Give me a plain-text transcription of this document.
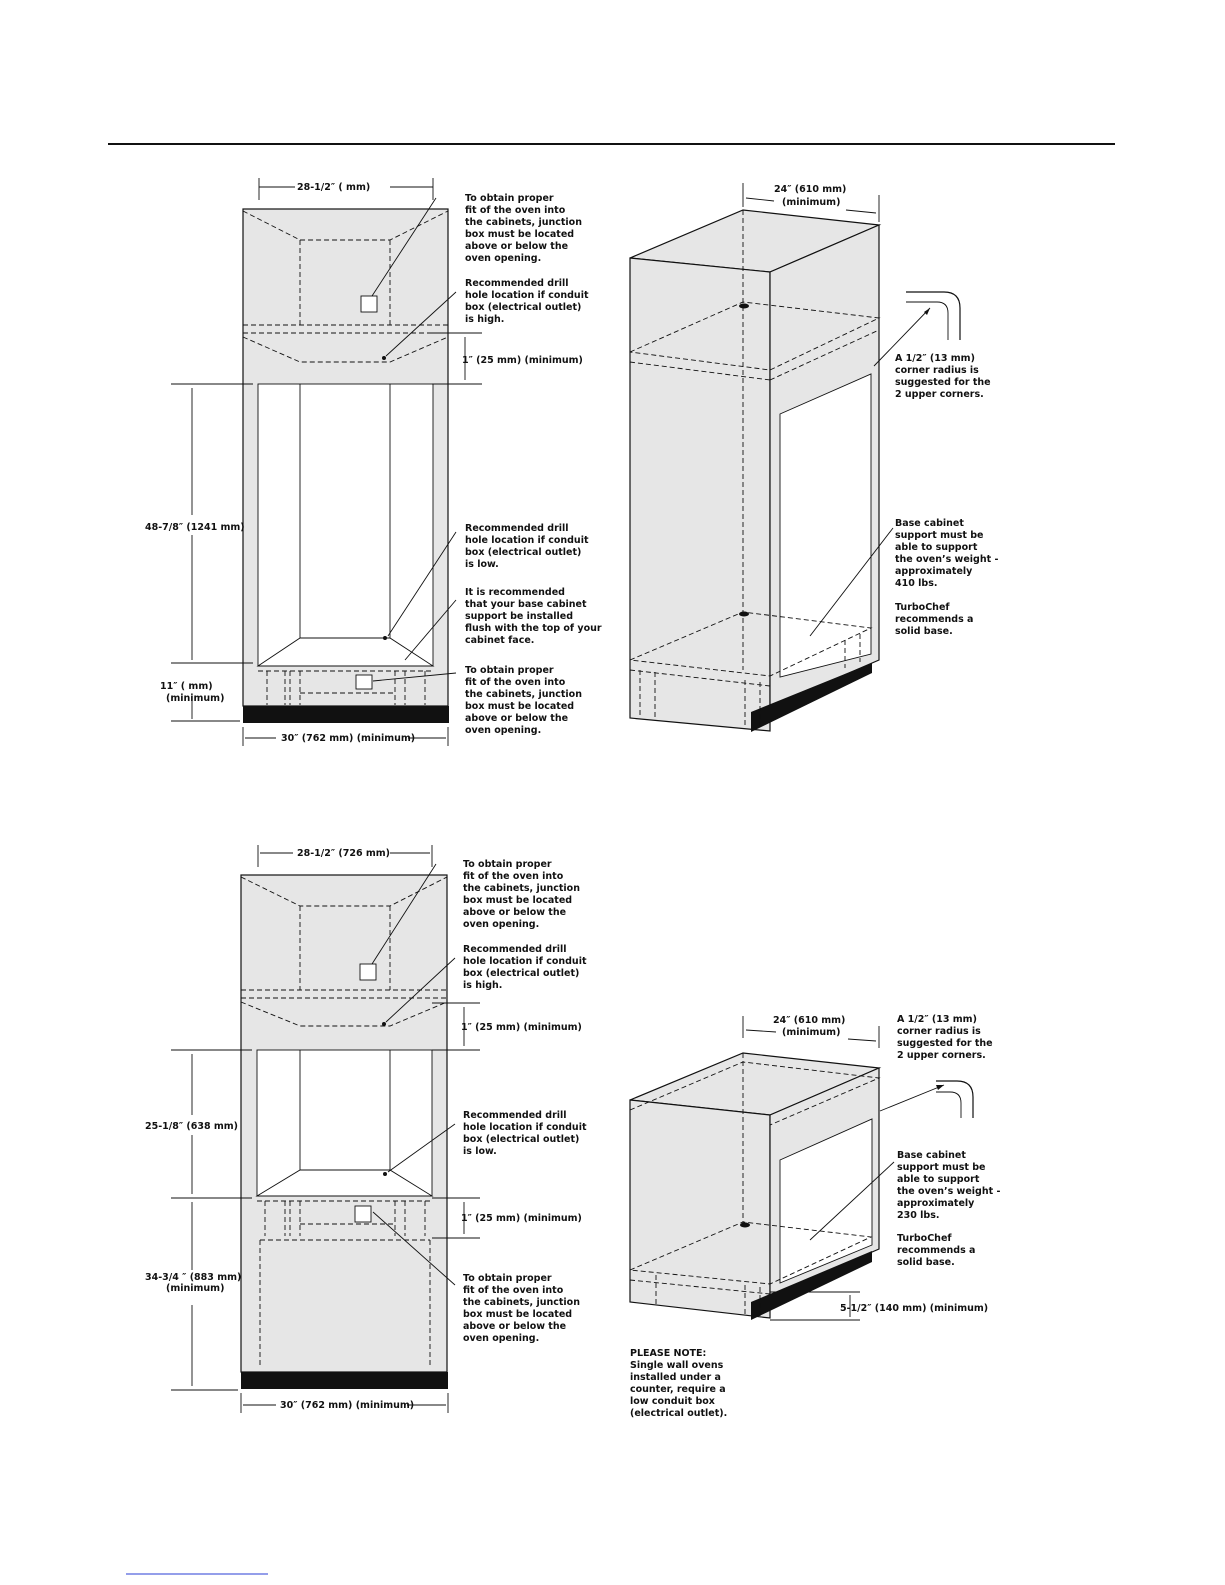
28-1/2″ ( mm)
48-7/8″ (1241 mm)
11″ ( mm)
(minimum)
30″ (762 mm) (minimum)
1″ (25 mm) (minimum)
To obtain proper
fit of the oven into
the cabinets, junction
box must be located
above or below the
oven opening.
Recommended drill
hole location if conduit
box (electrical outlet)
is high.
Recommended drill
hole location if conduit
box (electrical outlet)
is low.
It is recommended
that your base cabinet
support be installed
flush with the top of your
cabinet face.
To obtain proper
fit of the oven into
the cabinets, junction
box must be located
above or below the
oven opening.
24″ (610 mm)
(minimum)
A 1/2″ (13 mm)
corner radius is
suggested for the
2 upper corners.
Base cabinet
support must be
able to support
the oven’s weight -
approximately
410 lbs.
TurboChef
recommends a
solid base.
28-1/2″ (726 mm)
25-1/8″ (638 mm)
34-3/4 ″ (883 mm)
(minimum)
30″ (762 mm) (minimum)
1″ (25 mm) (minimum)
1″ (25 mm) (minimum)
To obtain proper
fit of the oven into
the cabinets, junction
box must be located
above or below the
oven opening.
Recommended drill
hole location if conduit
box (electrical outlet)
is high.
Recommended drill
hole location if conduit
box (electrical outlet)
is low.
To obtain proper
fit of the oven into
the cabinets, junction
box must be located
above or below the
oven opening.
24″ (610 mm)
(minimum)
5-1/2″ (140 mm) (minimum)
A 1/2″ (13 mm)
corner radius is
suggested for the
2 upper corners.
Base cabinet
support must be
able to support
the oven’s weight -
approximately
230 lbs.
TurboChef
recommends a
solid base.
PLEASE NOTE:
Single wall ovens
installed under a
counter, require a
low conduit box
(electrical outlet).
